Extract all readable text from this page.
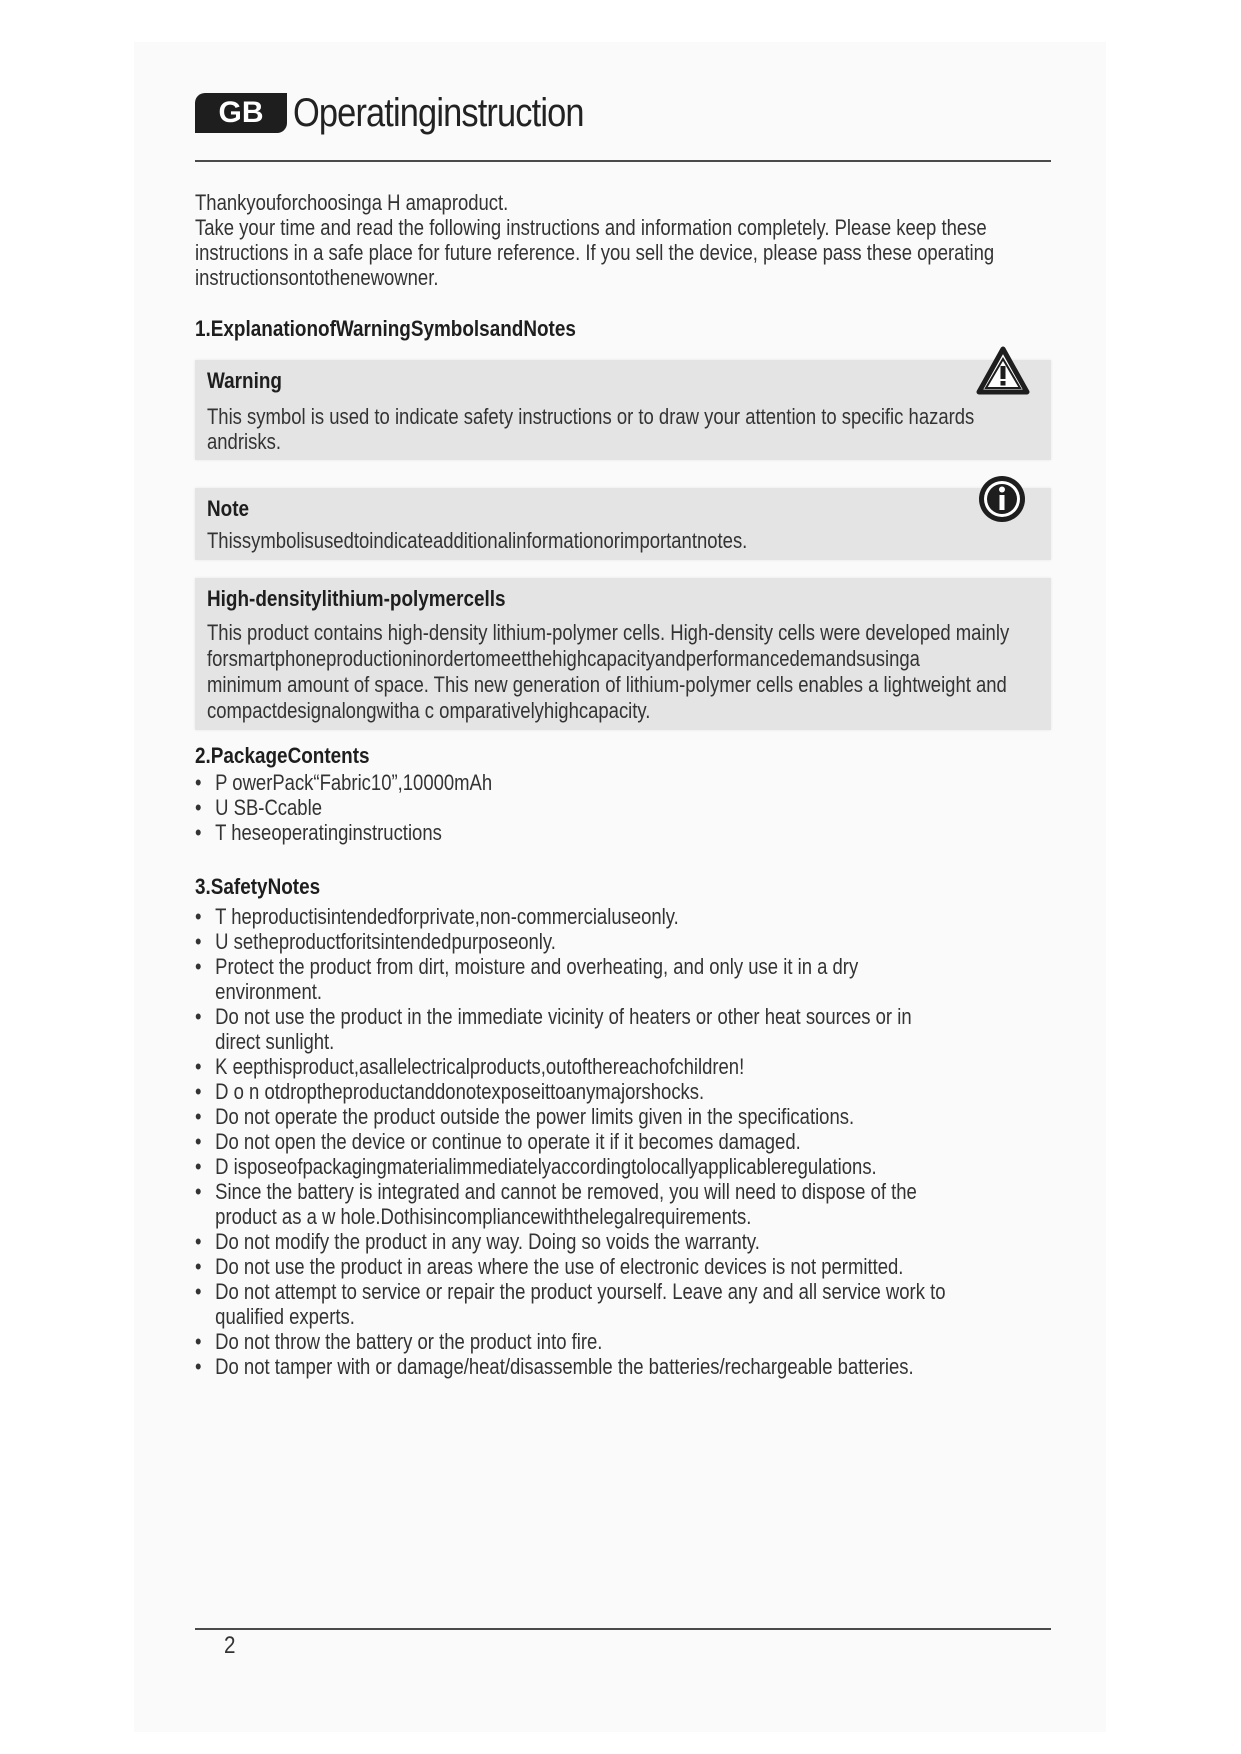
GB Operatinginstruction

Thankyouforchoosinga H amaproduct.

Take your time and read the following instructions and information completely. Please keep these

instructions in a safe place for future reference. If you sell the device, please pass these operating

instructionsontothenewowner.

1.ExplanationofWarningSymbolsandNotes
Warning
This symbol is used to indicate safety instructions or to draw your attention to specific hazards
andrisks.
Note
Thissymbolisusedtoindicateadditionalinformationorimportantnotes.
High-densitylithium-polymercells
This product contains high-density lithium-polymer cells. High-density cells were developed mainly
forsmartphoneproductioninordertomeetthehighcapacityandperformancedemandsusinga
minimum amount of space. This new generation of lithium-polymer cells enables a lightweight and
compactdesignalongwitha c omparativelyhighcapacity.
2.PackageContents
• P owerPack“Fabric10”,10000mAh
• U SB-Ccable
• T heseoperatinginstructions
3.SafetyNotes
• T heproductisintendedforprivate,non-commercialuseonly.
• U setheproductforitsintendedpurposeonly.
• Protect the product from dirt, moisture and overheating, and only use it in a dry environment.
• Do not use the product in the immediate vicinity of heaters or other heat sources or in direct sunlight.
• K eepthisproduct,asallelectricalproducts,outofthereachofchildren!
• D o n otdroptheproductanddonotexposeittoanymajorshocks.
• Do not operate the product outside the power limits given in the specifications.
• Do not open the device or continue to operate it if it becomes damaged.
• D isposeofpackagingmaterialimmediatelyaccordingtolocallyapplicableregulations.
• Since the battery is integrated and cannot be removed, you will need to dispose of the product as a w hole.Dothisincompliancewiththelegalrequirements.
• Do not modify the product in any way. Doing so voids the warranty.
• Do not use the product in areas where the use of electronic devices is not permitted.
• Do not attempt to service or repair the product yourself. Leave any and all service work to qualified experts.
• Do not throw the battery or the product into fire.
• Do not tamper with or damage/heat/disassemble the batteries/rechargeable batteries.
2
